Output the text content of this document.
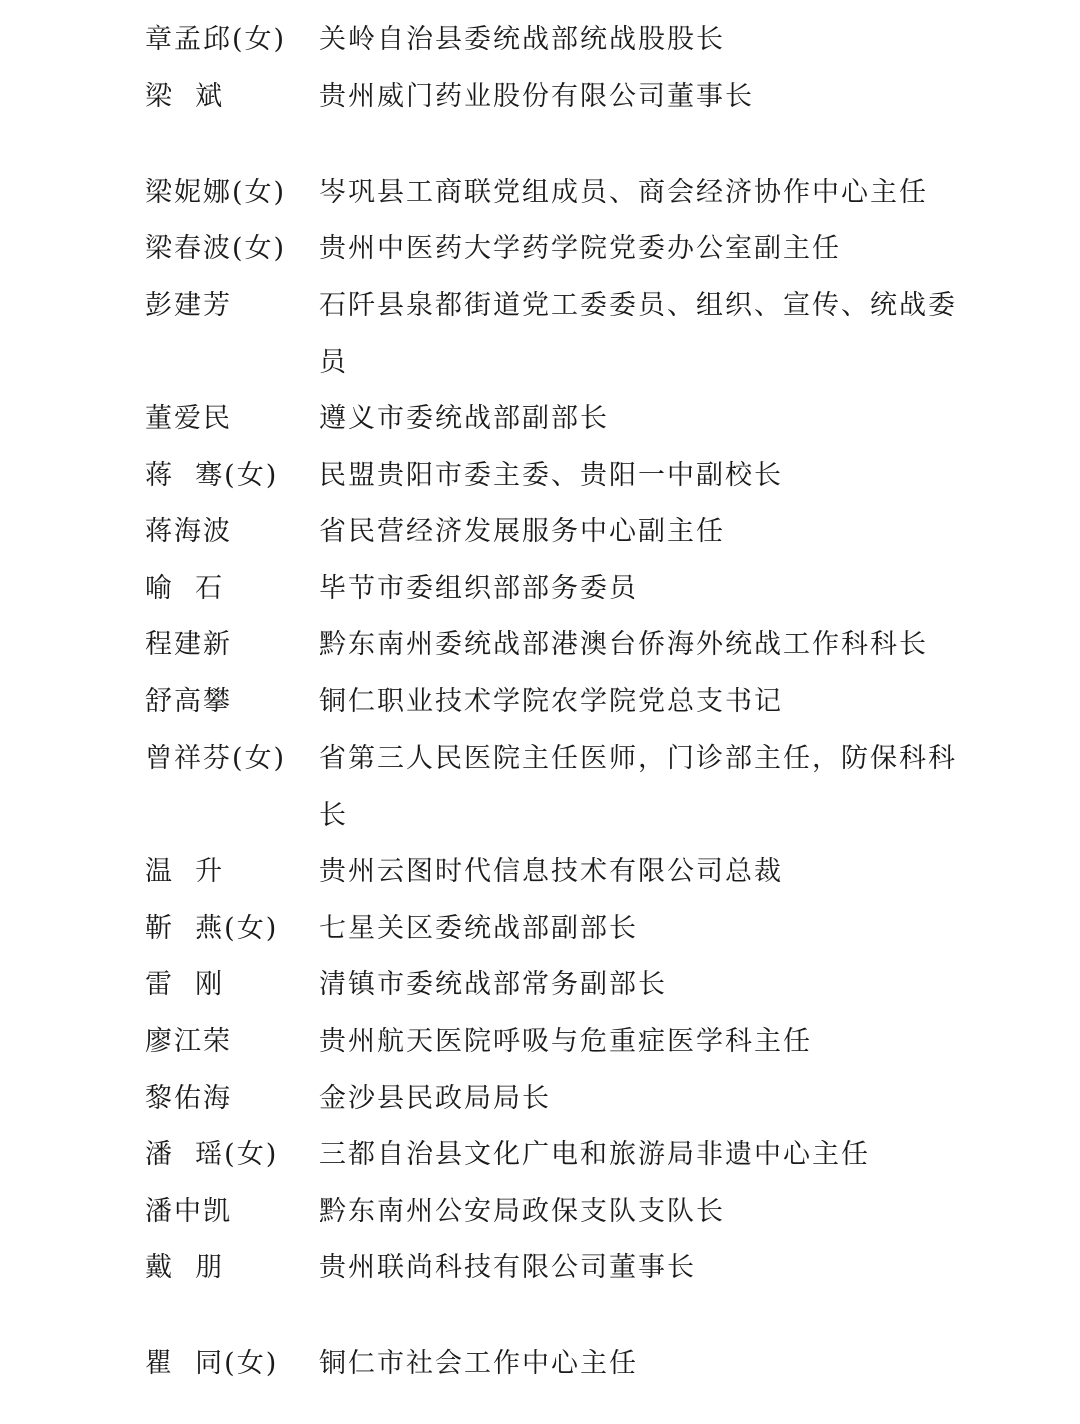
章孟邱(女) 关岭自治县委统战部统战股股长
梁  斌	贵州威门药业股份有限公司董事长
梁妮娜(女) 岑巩县工商联党组成员、商会经济协作中心主任
梁春波(女) 贵州中医药大学药学院党委办公室副主任
彭建芳	石阡县泉都街道党工委委员、组织、宣传、统战委
员
董爱民	遵义市委统战部副部长
蒋  骞(女) 民盟贵阳市委主委、贵阳一中副校长
蒋海波	省民营经济发展服务中心副主任
喻  石	毕节市委组织部部务委员
程建新	黔东南州委统战部港澳台侨海外统战工作科科长
舒高攀	铜仁职业技术学院农学院党总支书记
曾祥芬(女) 省第三人民医院主任医师，门诊部主任，防保科科
长
温  升	贵州云图时代信息技术有限公司总裁
靳  燕(女) 七星关区委统战部副部长
雷  刚	清镇市委统战部常务副部长
廖江荣	贵州航天医院呼吸与危重症医学科主任
黎佑海	金沙县民政局局长
潘  瑶(女) 三都自治县文化广电和旅游局非遗中心主任
潘中凯	黔东南州公安局政保支队支队长
戴  朋	贵州联尚科技有限公司董事长
瞿  同(女) 铜仁市社会工作中心主任
